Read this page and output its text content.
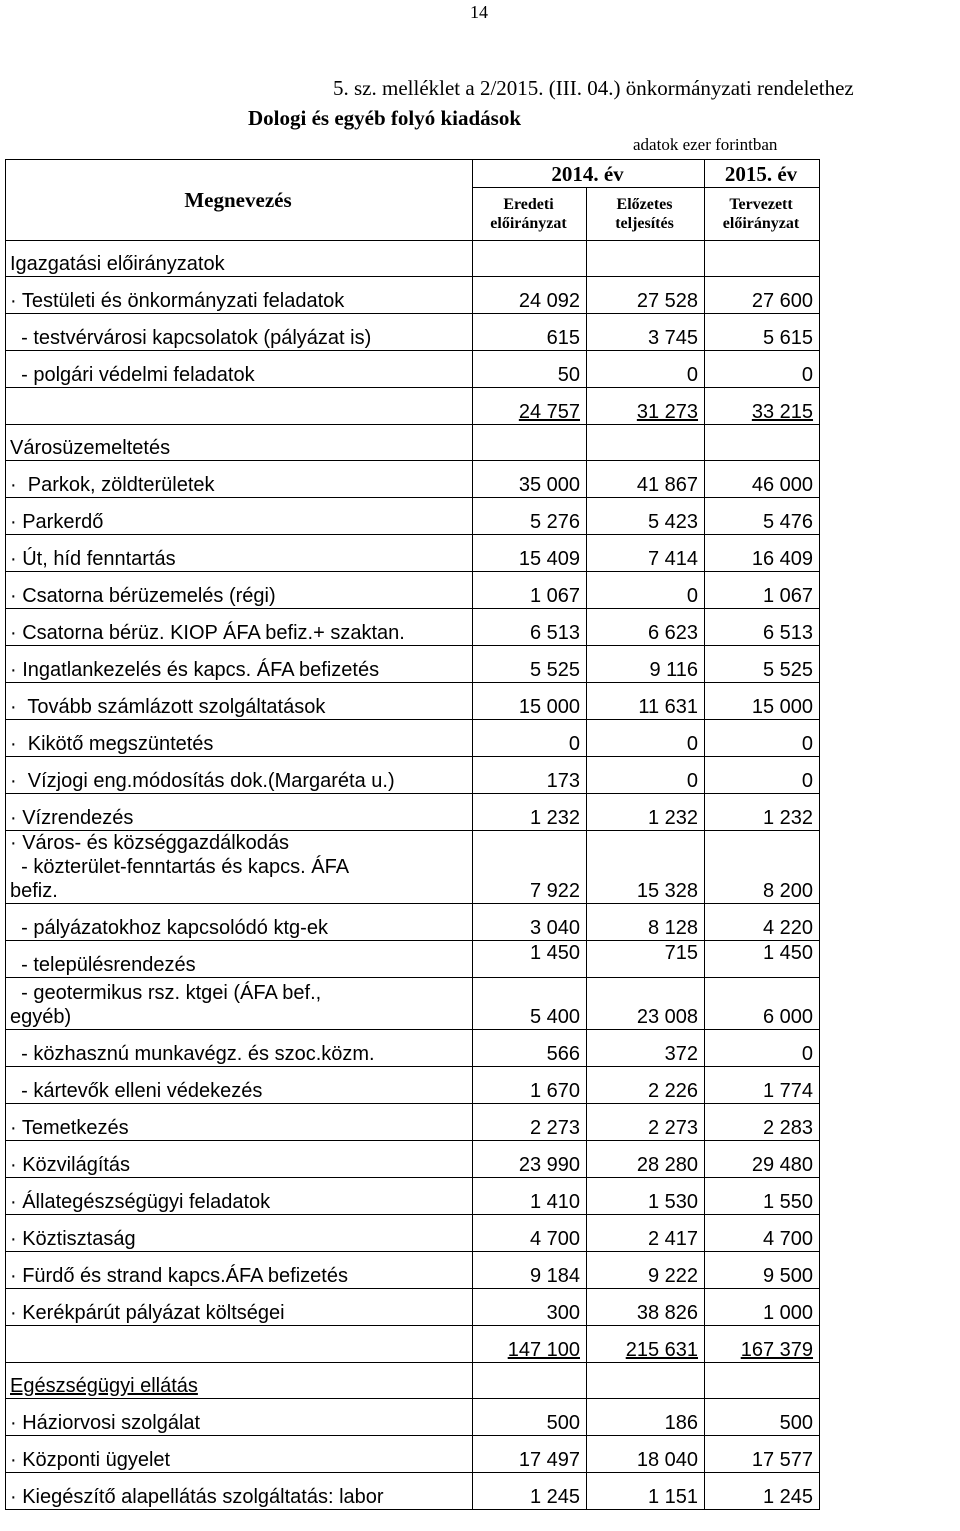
14
5. sz. melléklet a 2/2015. (III. 04.) önkormányzati rendelethez
Dologi és egyéb folyó kiadások
adatok ezer forintban
Megnevezés	2014. év		2015. év
	Eredeti előirányzat	Előzetes teljesítés	Tervezett előirányzat
Igazgatási előirányzatok			
· Testületi és önkormányzati feladatok	24 092	27 528	27 600
- testvérvárosi kapcsolatok (pályázat is)	615	3 745	5 615
- polgári védelmi feladatok	50	0	0
	24 757	31 273	33 215
Városüzemeltetés			
·  Parkok, zöldterületek	35 000	41 867	46 000
· Parkerdő	5 276	5 423	5 476
· Út, híd fenntartás	15 409	7 414	16 409
· Csatorna bérüzemelés (régi)	1 067	0	1 067
· Csatorna bérüz. KIOP ÁFA befiz.+ szaktan.	6 513	6 623	6 513
· Ingatlankezelés és kapcs. ÁFA befizetés	5 525	9 116	5 525
·  Tovább számlázott szolgáltatások	15 000	11 631	15 000
·  Kikötő megszüntetés	0	0	0
·  Vízjogi eng.módosítás dok.(Margaréta u.)	173	0	0
· Vízrendezés	1 232	1 232	1 232
· Város- és községgazdálkodás
- közterület-fenntartás és kapcs. ÁFA
befiz.	7 922	15 328	8 200
- pályázatokhoz kapcsolódó ktg-ek	3 040	8 128	4 220
- településrendezés	1 450	715	1 450
- geotermikus rsz. ktgei (ÁFA bef.,
egyéb)	5 400	23 008	6 000
- közhasznú munkavégz. és szoc.közm.	566	372	0
- kártevők elleni védekezés	1 670	2 226	1 774
· Temetkezés	2 273	2 273	2 283
· Közvilágítás	23 990	28 280	29 480
· Állategészségügyi feladatok	1 410	1 530	1 550
· Köztisztaság	4 700	2 417	4 700
· Fürdő és strand kapcs.ÁFA befizetés	9 184	9 222	9 500
· Kerékpárút pályázat költségei	300	38 826	1 000
	147 100	215 631	167 379
Egészségügyi ellátás			
· Háziorvosi szolgálat	500	186	500
· Központi ügyelet	17 497	18 040	17 577
· Kiegészítő alapellátás szolgáltatás: labor	1 245	1 151	1 245
